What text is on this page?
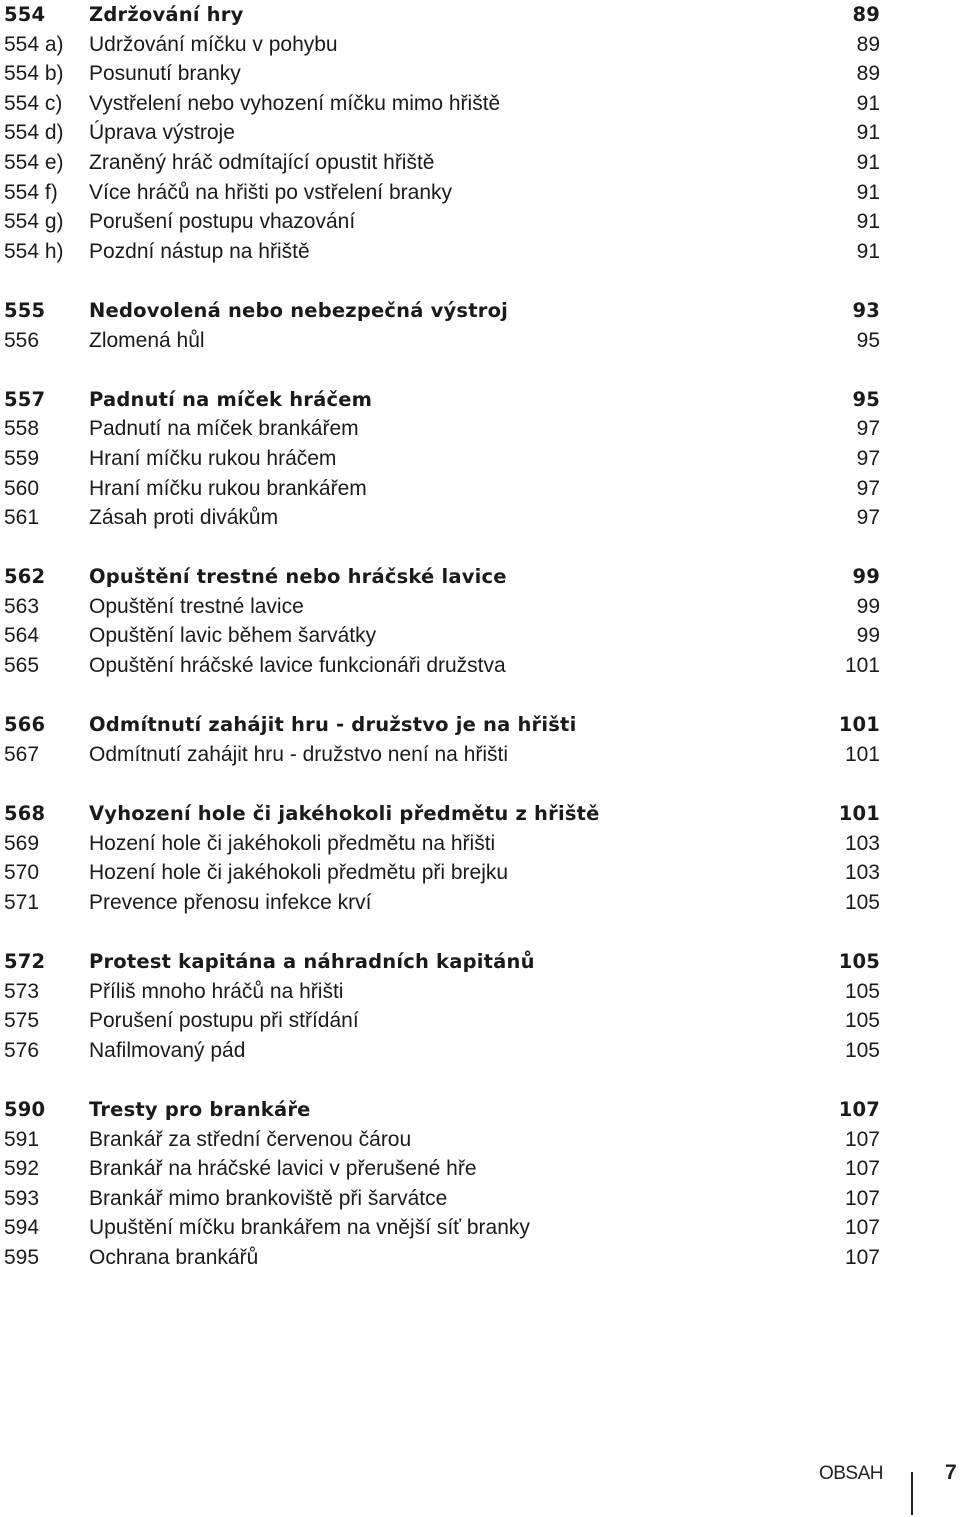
554 Zdržování hry	89
554 a) Udržování míčku v pohybu	89
554 b) Posunutí branky	89
554 c) Vystřelení nebo vyhození míčku mimo hřiště	91
554 d) Úprava výstroje	91
554 e) Zraněný hráč odmítající opustit hřiště	91
554 f) Více hráčů na hřišti po vstřelení branky	91
554 g) Porušení postupu vhazování	91
554 h) Pozdní nástup na hřiště	91
555 Nedovolená nebo nebezpečná výstroj	93
556 Zlomená hůl	95
557 Padnutí na míček hráčem	95
558 Padnutí na míček brankářem	97
559 Hraní míčku rukou hráčem	97
560 Hraní míčku rukou brankářem	97
561 Zásah proti divákům	97
562 Opuštění trestné nebo hráčské lavice	99
563 Opuštění trestné lavice	99
564 Opuštění lavic během šarvátky	99
565 Opuštění hráčské lavice funkcionáři družstva	101
566 Odmítnutí zahájit hru - družstvo je na hřišti	101
567 Odmítnutí zahájit hru - družstvo není na hřišti	101
568 Vyhození hole či jakéhokoli předmětu z hřiště	101
569 Hození hole či jakéhokoli předmětu na hřišti	103
570 Hození hole či jakéhokoli předmětu při brejku	103
571 Prevence přenosu infekce krví	105
572 Protest kapitána a náhradních kapitánů	105
573 Příliš mnoho hráčů na hřišti	105
575 Porušení postupu při střídání	105
576 Nafilmovaný pád	105
590 Tresty pro brankáře	107
591 Brankář za střední červenou čárou	107
592 Brankář na hráčské lavici v přerušené hře	107
593 Brankář mimo brankoviště při šarvátce	107
594 Upuštění míčku brankářem na vnější síť branky	107
595 Ochrana brankářů	107
OBSAH	7
